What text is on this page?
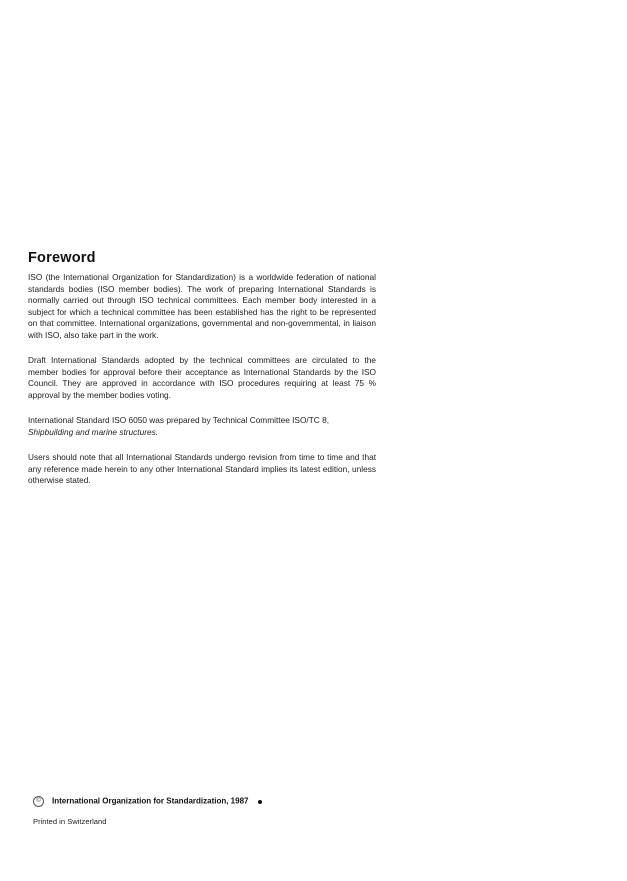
Foreword

ISO (the International Organization for Standardization) is a worldwide federation of national standards bodies (ISO member bodies). The work of preparing International Standards is normally carried out through ISO technical committees. Each member body interested in a subject for which a technical committee has been established has the right to be represented on that committee. International organizations, governmental and non-governmental, in liaison with ISO, also take part in the work.

Draft International Standards adopted by the technical committees are circulated to the member bodies for approval before their acceptance as International Standards by the ISO Council. They are approved in accordance with ISO procedures requiring at least 75 % approval by the member bodies voting.

International Standard ISO 6050 was prepared by Technical Committee ISO/TC 8,
Shipbuilding and marine structures.

Users should note that all International Standards undergo revision from time to time and that any reference made herein to any other International Standard implies its latest edition, unless otherwise stated.

© International Organization for Standardization, 1987
Printed in Switzerland
